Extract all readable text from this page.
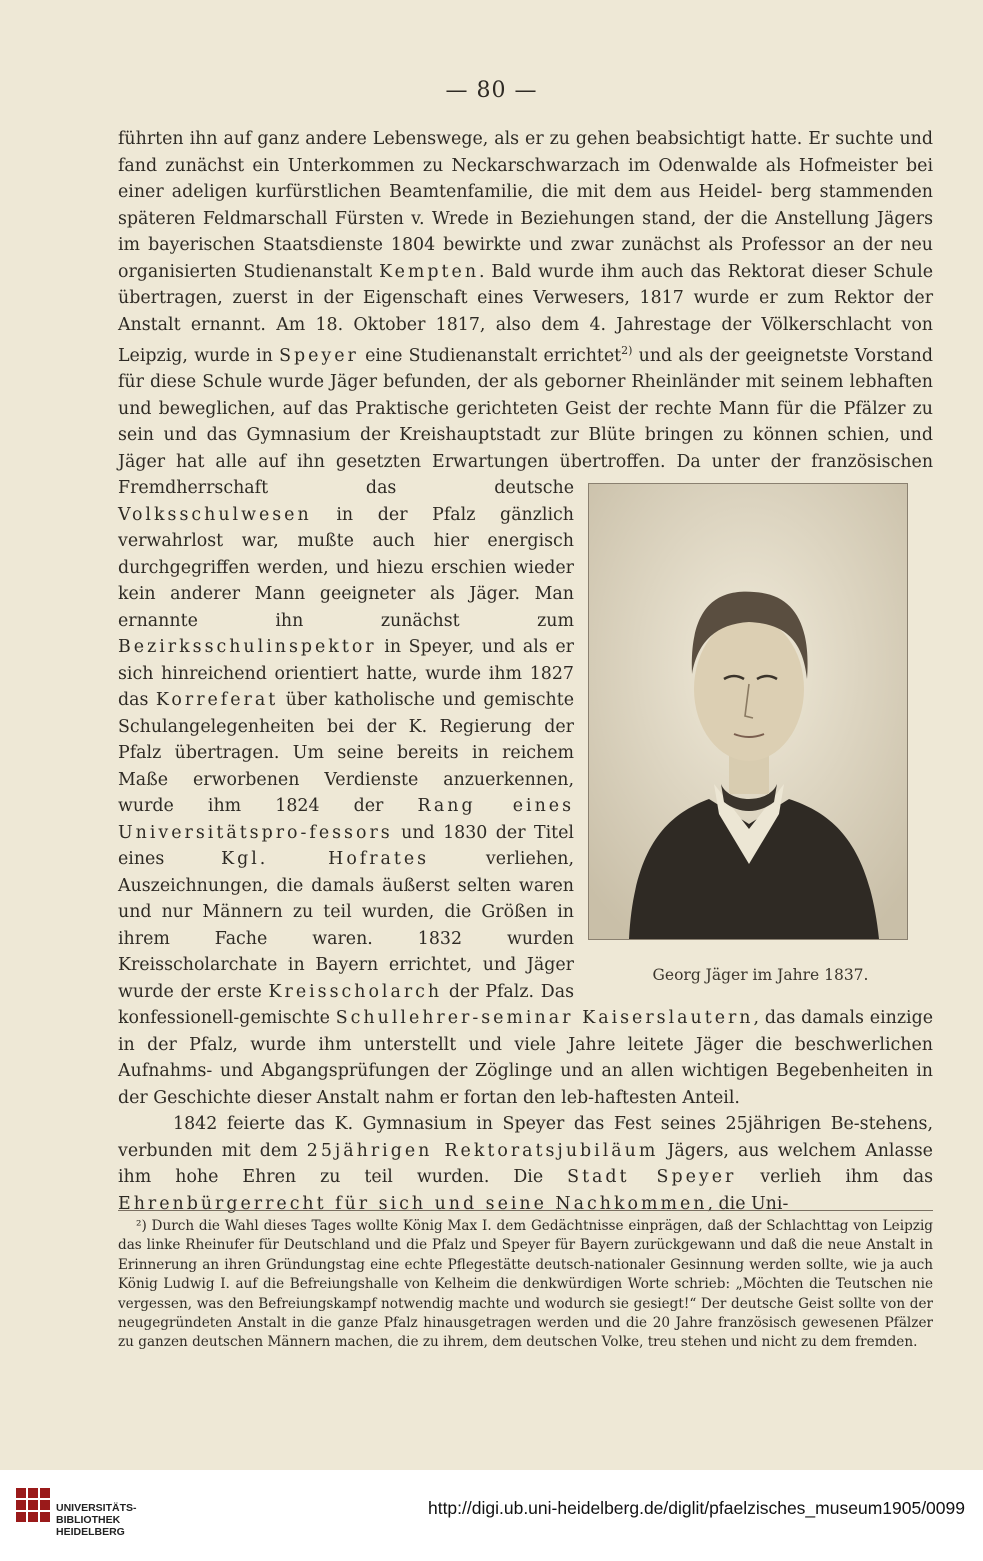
— 80 —

führten ihn auf ganz andere Lebenswege, als er zu gehen beabsichtigt hatte. Er suchte und fand zunächst ein Unterkommen zu Neckarschwarzach im Odenwalde als Hofmeister bei einer adeligen kurfürstlichen Beamtenfamilie, die mit dem aus Heidel- berg stammenden späteren Feldmarschall Fürsten v. Wrede in Beziehungen stand, der die Anstellung Jägers im bayerischen Staatsdienste 1804 bewirkte und zwar zunächst als Professor an der neu organisierten Studienanstalt Kempten. Bald wurde ihm auch das Rektorat dieser Schule übertragen, zuerst in der Eigenschaft eines Verwesers, 1817 wurde er zum Rektor der Anstalt ernannt. Am 18. Oktober 1817, also dem 4. Jahrestage der Völkerschlacht von Leipzig, wurde in Speyer eine Studienanstalt errichtet$^{2)}$ und als der geeignetste Vorstand für diese Schule wurde Jäger befunden, der als geborner Rheinländer mit seinem lebhaften und beweglichen, auf das Praktische gerichteten Geist der rechte Mann für die Pfälzer zu sein und das Gymnasium der Kreishauptstadt zur Blüte bringen zu können schien, und Jäger hat alle auf ihn gesetzten Erwartungen übertroffen. Da unter
Georg Jäger im Jahre 1837.
der französischen Fremdherrschaft das deutsche Volksschulwesen in der Pfalz gänzlich verwahrlost war, mußte auch hier energisch durchgegriffen werden, und hiezu erschien wieder kein anderer Mann geeigneter als Jäger. Man ernannte ihn zunächst zum Bezirksschulinspektor in Speyer, und als er sich hinreichend orientiert hatte, wurde ihm 1827 das Korreferat über katholische und gemischte Schulangelegenheiten bei der K. Regierung der Pfalz übertragen. Um seine bereits in reichem Maße erworbenen Verdienste anzuerkennen, wurde ihm 1824 der Rang eines Universitätspro-fessors und 1830 der Titel eines Kgl. Hofrates verliehen, Auszeichnungen, die damals äußerst selten waren und nur Männern zu teil wurden, die Größen in ihrem Fache waren. 1832 wurden Kreisscholarchate in Bayern errichtet, und Jäger wurde der erste Kreisscholarch der Pfalz. Das konfessionell-gemischte Schullehrer-seminar Kaiserslautern, das damals einzige in der Pfalz, wurde ihm unterstellt und viele Jahre leitete Jäger die beschwerlichen Aufnahms- und Abgangsprüfungen der Zöglinge und an allen wichtigen Begebenheiten in der Geschichte dieser Anstalt nahm er fortan den leb-haftesten Anteil.

1842 feierte das K. Gymnasium in Speyer das Fest seines 25jährigen Be-stehens, verbunden mit dem 25jährigen Rektoratsjubiläum Jägers, aus welchem Anlasse ihm hohe Ehren zu teil wurden. Die Stadt Speyer verlieh ihm das Ehrenbürgerrecht für sich und seine Nachkommen, die Uni-

²) Durch die Wahl dieses Tages wollte König Max I. dem Gedächtnisse einprägen, daß der Schlachttag von Leipzig das linke Rheinufer für Deutschland und die Pfalz und Speyer für Bayern zurückgewann und daß die neue Anstalt in Erinnerung an ihren Gründungstag eine echte Pflegestätte deutsch-nationaler Gesinnung werden sollte, wie ja auch König Ludwig I. auf die Befreiungshalle von Kelheim die denkwürdigen Worte schrieb: „Möchten die Teutschen nie vergessen, was den Befreiungskampf notwendig machte und wodurch sie gesiegt!“ Der deutsche Geist sollte von der neugegründeten Anstalt in die ganze Pfalz hinausgetragen werden und die 20 Jahre französisch gewesenen Pfälzer zu ganzen deutschen Männern machen, die zu ihrem, dem deutschen Volke, treu stehen und nicht zu dem fremden.

UNIVERSITÄTS-
BIBLIOTHEK
HEIDELBERG
http://digi.ub.uni-heidelberg.de/diglit/pfaelzisches_museum1905/0099
